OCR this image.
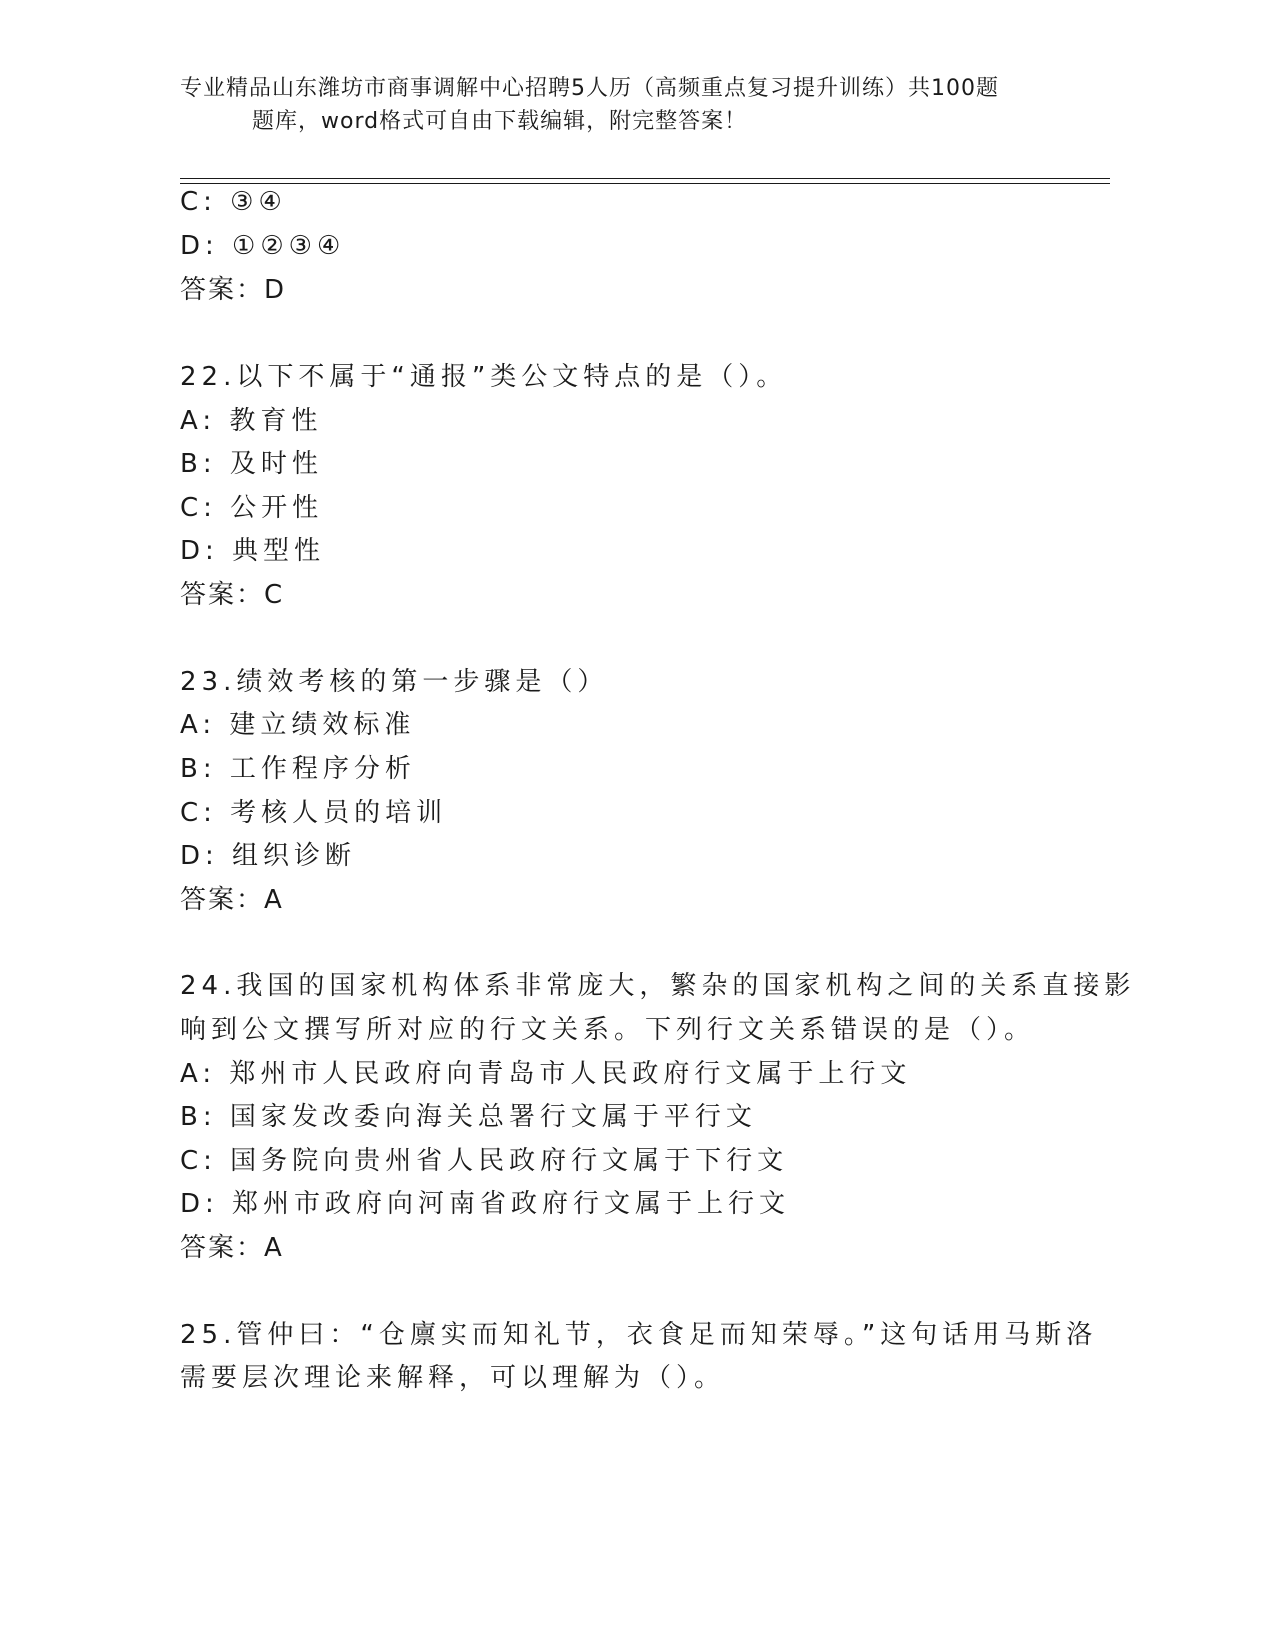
专业精品山东潍坊市商事调解中心招聘5人历（高频重点复习提升训练）共100题
题库，word格式可自由下载编辑，附完整答案！
C: ③④
D: ①②③④
答案：D
22.以下不属于“通报”类公文特点的是（）。
A: 教育性
B: 及时性
C: 公开性
D: 典型性
答案：C
23.绩效考核的第一步骤是（）
A: 建立绩效标准
B: 工作程序分析
C: 考核人员的培训
D: 组织诊断
答案：A
24.我国的国家机构体系非常庞大，繁杂的国家机构之间的关系直接影
响到公文撰写所对应的行文关系。下列行文关系错误的是（）。
A: 郑州市人民政府向青岛市人民政府行文属于上行文
B: 国家发改委向海关总署行文属于平行文
C: 国务院向贵州省人民政府行文属于下行文
D: 郑州市政府向河南省政府行文属于上行文
答案：A
25.管仲曰：“仓廪实而知礼节，衣食足而知荣辱。”这句话用马斯洛
需要层次理论来解释，可以理解为（）。
